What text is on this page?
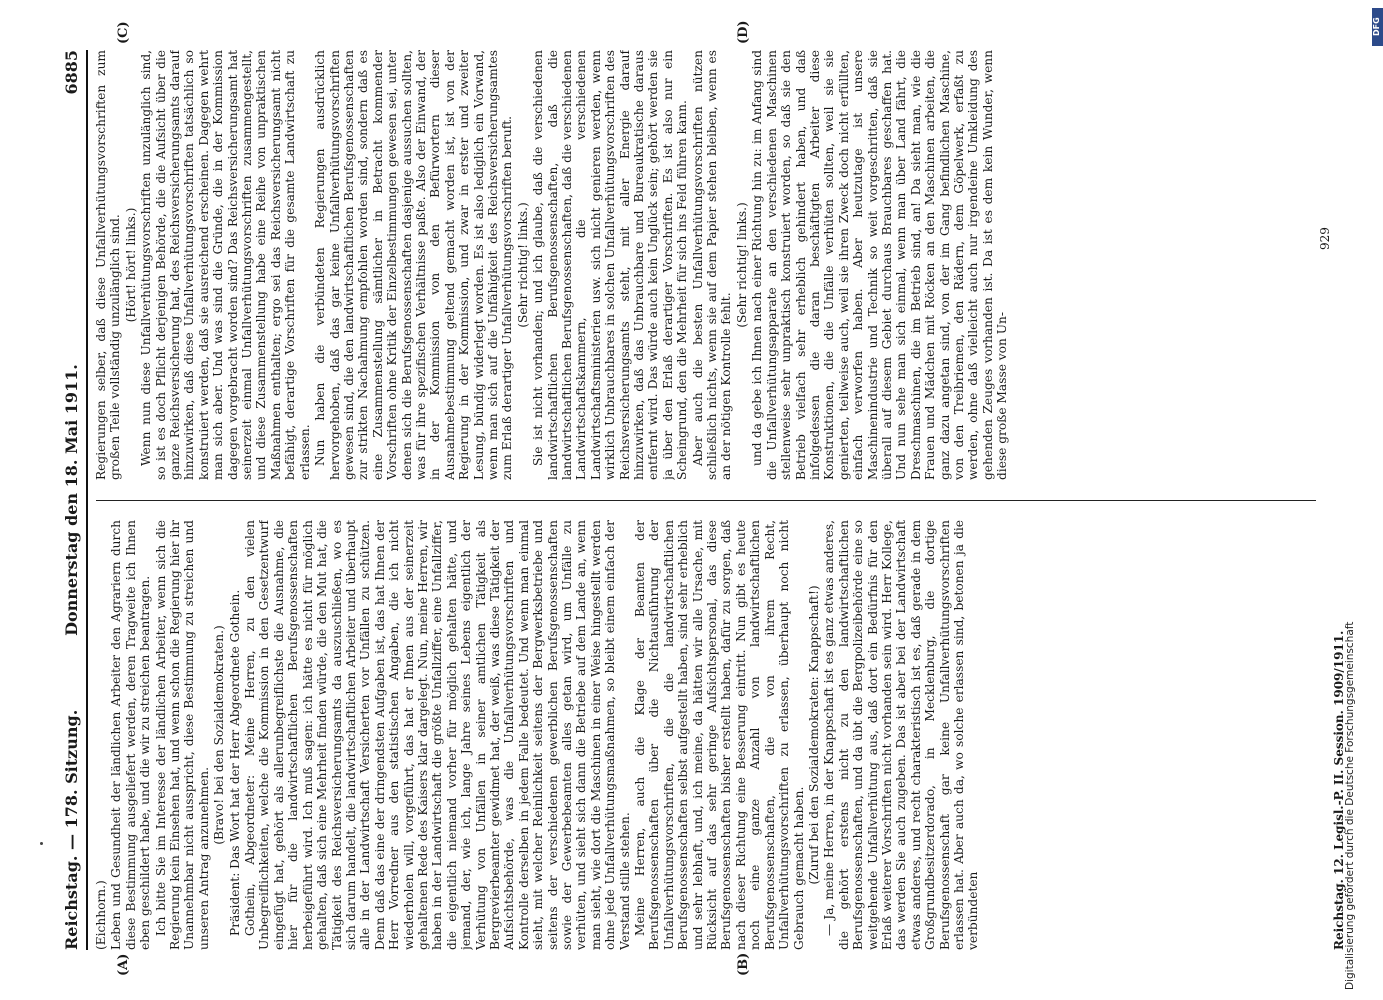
Reichstag. — 178. Sitzung.
Donnerstag den 18. Mai 1911.
6885

(Eichhorn.) Leben und Gesundheit der ländlichen Arbeiter den Agrariern durch diese Bestimmung ausgeliefert werden, deren Tragweite ich Ihnen eben geschildert habe, und die wir zu streichen beantragen. Ich bitte Sie im Interesse der ländlichen Arbeiter, wenn sich die Regierung kein Einsehen hat, und wenn schon die Regierung hier ihr Unannehmbar nicht ausspricht, diese Bestimmung zu streichen und unseren Antrag anzunehmen.

(Bravo! bei den Sozialdemokraten.) Präsident: Das Wort hat der Herr Abgeordnete Gothein. Gothein, Abgeordneter: Meine Herren, zu den vielen Unbegreiflichkeiten, welche die Kommission in den Gesetzentwurf eingefügt hat, gehört als allerunbegreiflichste die Ausnahme, die hier für die landwirtschaftlichen Berufsgenossenschaften herbeigeführt wird. Ich muß sagen: ich hätte es nicht für möglich gehalten, daß sich eine Mehrheit finden würde, die den Mut hat, die Tätigkeit des Reichsversicherungsamts da auszuschließen, wo es sich darum handelt, die landwirtschaftlichen Arbeiter und überhaupt alle in der Landwirtschaft Versicherten vor Unfällen zu schützen. Denn daß das eine der dringendsten Aufgaben ist, das hat Ihnen der Herr Vorredner aus den statistischen Angaben, die ich nicht wiederholen will, vorgeführt, das hat er Ihnen aus der seinerzeit gehaltenen Rede des Kaisers klar dargelegt. Nun, meine Herren, wir haben in der Landwirtschaft die größte Unfallziffer, eine Unfallziffer, die eigentlich niemand vorher für möglich gehalten hätte, und jemand, der, wie ich, lange Jahre seines Lebens eigentlich der Verhütung von Unfällen in seiner amtlichen Tätigkeit als Bergrevierbeamter gewidmet hat, der weiß, was diese Tätigkeit der Aufsichtsbehörde, was die Unfallverhütungsvorschriften und Kontrolle derselben in jedem Falle bedeutet. Und wenn man einmal sieht, mit welcher Reinlichkeit seitens der Bergwerksbetriebe und seitens der verschiedenen gewerblichen Berufsgenossenschaften sowie der Gewerbebeamten alles getan wird, um Unfälle zu verhüten, und sieht sich dann die Betriebe auf dem Lande an, wenn man sieht, wie dort die Maschinen in einer Weise hingestellt werden ohne jede Unfallverhütungsmaßnahmen, so bleibt einem einfach der Verstand stille stehen. Meine Herren, auch die Klage der Beamten der Berufsgenossenschaften über die Nichtausführung der Unfallverhütungsvorschriften, die die landwirtschaftlichen Berufsgenossenschaften selbst aufgestellt haben, sind sehr erheblich und sehr lebhaft, und, ich meine, da hätten wir alle Ursache, mit Rücksicht auf das sehr geringe Aufsichtspersonal, das diese Berufsgenossenschaften bisher erstellt haben, dafür zu sorgen, daß nach dieser Richtung eine Besserung eintritt. Nun gibt es heute noch eine ganze Anzahl von landwirtschaftlichen Berufsgenossenschaften, die von ihrem Recht, Unfallverhütungsvorschriften zu erlassen, überhaupt noch nicht Gebrauch gemacht haben. (Zuruf bei den Sozialdemokraten: Knappschaft!) — Ja, meine Herren, in der Knappschaft ist es ganz etwas anderes, die gehört erstens nicht zu den landwirtschaftlichen Berufsgenossenschaften, und da übt die Bergpolizeibehörde eine so weitgehende Unfallverhütung aus, daß dort ein Bedürfnis für den Erlaß weiterer Vorschriften nicht vorhanden sein wird. Herr Kollege, das werden Sie auch zugeben. Das ist aber bei der Landwirtschaft etwas anderes, und recht charakteristisch ist es, daß gerade in dem Großgrundbesitzerdorado, in Mecklenburg, die dortige Berufsgenossenschaft gar keine Unfallverhütungsvorschriften erlassen hat. Aber auch da, wo solche erlassen sind, betonen ja die verbündeten

Regierungen selber, daß diese Unfallverhütungsvorschriften zum großen Teile vollständig unzulänglich sind. (Hört! hört! links.) Wenn nun diese Unfallverhütungsvorschriften unzulänglich sind, so ist es doch Pflicht derjenigen Behörde, die die Aufsicht über die ganze Reichsversicherung hat, des Reichsversicherungsamts darauf hinzuwirken, daß diese Unfallverhütungsvorschriften tatsächlich so konstruiert werden, daß sie ausreichend erscheinen. Dagegen wehrt man sich aber. Und was sind die Gründe, die in der Kommission dagegen vorgebracht worden sind? Das Reichsversicherungsamt hat seinerzeit einmal Unfallverhütungsvorschriften zusammengestellt, und diese Zusammenstellung habe eine Reihe von unpraktischen Maßnahmen enthalten; ergo sei das Reichsversicherungsamt nicht befähigt, derartige Vorschriften für die gesamte Landwirtschaft zu erlassen. Nun haben die verbündeten Regierungen ausdrücklich hervorgehoben, daß das gar keine Unfallverhütungsvorschriften gewesen sind, die den landwirtschaftlichen Berufsgenossenschaften zur strikten Nachahmung empfohlen worden sind, sondern daß es eine Zusammenstellung sämtlicher in Betracht kommender Vorschriften ohne Kritik der Einzelbestimmungen gewesen sei, unter denen sich die Berufsgenossenschaften dasjenige aussuchen sollten, was für ihre spezifischen Verhältnisse paßte. Also der Einwand, der in der Kommission von den Befürwortern dieser Ausnahmebestimmung geltend gemacht worden ist, ist von der Regierung in der Kommission, und zwar in erster und zweiter Lesung, bündig widerlegt worden. Es ist also lediglich ein Vorwand, wenn man sich auf die Unfähigkeit des Reichsversicherungsamtes zum Erlaß derartiger Unfallverhütungsvorschriften beruft. (Sehr richtig! links.) Sie ist nicht vorhanden; und ich glaube, daß die verschiedenen landwirtschaftlichen Berufsgenossenschaften, daß die landwirtschaftlichen Berufsgenossenschaften, daß die verschiedenen Landwirtschaftskammern, die verschiedenen Landwirtschaftsministerien usw. sich nicht genieren werden, wenn wirklich Unbrauchbares in solchen Unfallverhütungsvorschriften des Reichsversicherungsamts steht, mit aller Energie darauf hinzuwirken, daß das Unbrauchbare und Bureaukratische daraus entfernt wird. Das würde auch kein Unglück sein; gehört werden sie ja über den Erlaß derartiger Vorschriften. Es ist also nur ein Scheingrund, den die Mehrheit für sich ins Feld führen kann. Aber auch die besten Unfallverhütungsvorschriften nützen schließlich nichts, wenn sie auf dem Papier stehen bleiben, wenn es an der nötigen Kontrolle fehlt.

(Sehr richtig! links.) und da gebe ich Ihnen nach einer Richtung hin zu: im Anfang sind die Unfallverhütungsapparate an den verschiedenen Maschinen stellenweise sehr unpraktisch konstruiert worden, so daß sie den Betrieb vielfach sehr erheblich gehindert haben, und daß infolgedessen die daran beschäftigten Arbeiter diese Konstruktionen, die die Unfälle verhüten sollten, weil sie sie genierten, teilweise auch, weil sie ihren Zweck doch nicht erfüllten, einfach verworfen haben. Aber heutzutage ist unsere Maschinenindustrie und Technik so weit vorgeschritten, daß sie überall auf diesem Gebiet durchaus Brauchbares geschaffen hat. Und nun sehe man sich einmal, wenn man über Land fährt, die Dreschmaschinen, die im Betrieb sind, an! Da sieht man, wie die Frauen und Mädchen mit Röcken an den Maschinen arbeiten, die ganz dazu angetan sind, von der im Gang befindlichen Maschine, von den Treibriemen, den Rädern, dem Göpelwerk, erfaßt zu werden, ohne daß vielleicht auch nur irgendeine Umkleidung des gehenden Zeuges vorhanden ist. Da ist es dem kein Wunder, wenn diese große Masse von Un-

(A)	(B)
(C)	(D)
Reichstag. 12. Legisl.-P. II. Session. 1909/1911.
929
Digitalisierung gefördert durch die Deutsche Forschungsgemeinschaft
DFG
